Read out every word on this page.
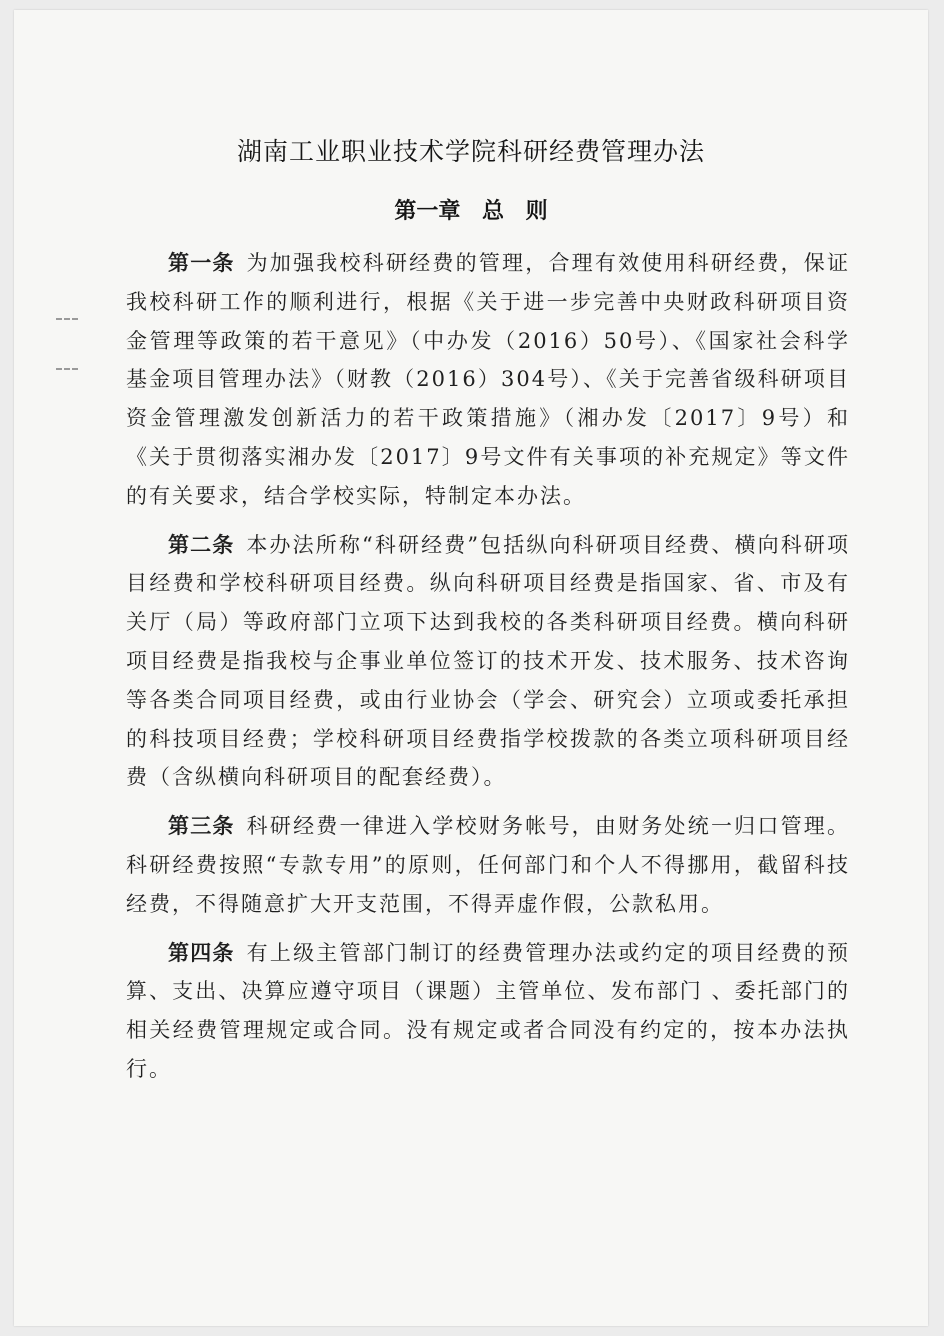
湖南工业职业技术学院科研经费管理办法
第一章 总 则

第一条 为加强我校科研经费的管理，合理有效使用科研经费，保证我校科研工作的顺利进行，根据《关于进一步完善中央财政科研项目资金管理等政策的若干意见》（中办发（2016）50号）、《国家社会科学基金项目管理办法》（财教（2016）304号）、《关于完善省级科研项目资金管理激发创新活力的若干政策措施》（湘办发〔2017〕9号）和《关于贯彻落实湘办发〔2017〕9号文件有关事项的补充规定》等文件的有关要求，结合学校实际，特制定本办法。

第二条 本办法所称“科研经费”包括纵向科研项目经费、横向科研项目经费和学校科研项目经费。纵向科研项目经费是指国家、省、市及有关厅（局）等政府部门立项下达到我校的各类科研项目经费。横向科研项目经费是指我校与企事业单位签订的技术开发、技术服务、技术咨询等各类合同项目经费，或由行业协会（学会、研究会）立项或委托承担的科技项目经费；学校科研项目经费指学校拨款的各类立项科研项目经费（含纵横向科研项目的配套经费）。

第三条 科研经费一律进入学校财务帐号，由财务处统一归口管理。科研经费按照“专款专用”的原则，任何部门和个人不得挪用，截留科技经费，不得随意扩大开支范围，不得弄虚作假，公款私用。

第四条 有上级主管部门制订的经费管理办法或约定的项目经费的预算、支出、决算应遵守项目（课题）主管单位、发布部门 、委托部门的相关经费管理规定或合同。没有规定或者合同没有约定的，按本办法执行。
